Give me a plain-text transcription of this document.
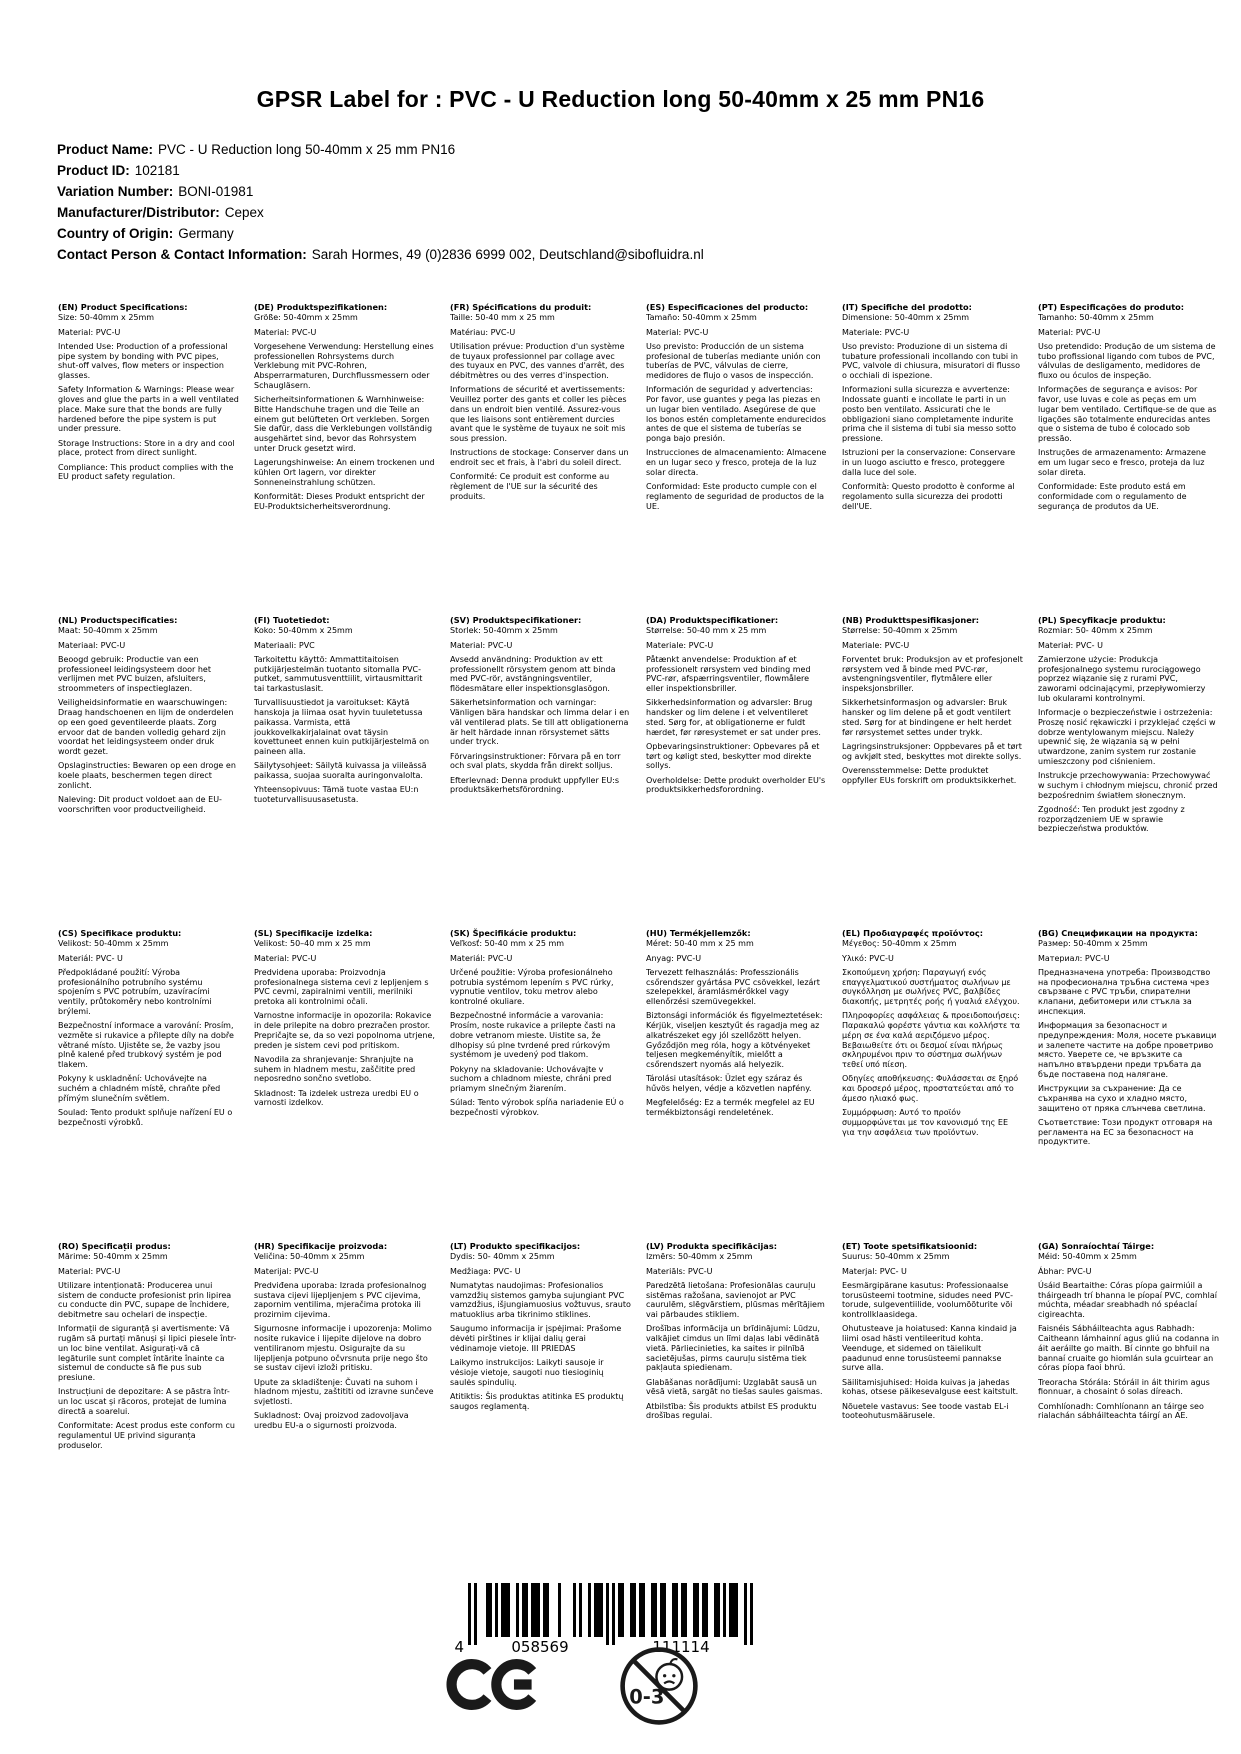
GPSR Label for : PVC - U Reduction long 50-40mm x 25 mm PN16
Product Name: PVC - U Reduction long 50-40mm x 25 mm PN16
Product ID: 102181
Variation Number: BONI-01981
Manufacturer/Distributor: Cepex
Country of Origin: Germany
Contact Person & Contact Information: Sarah Hormes, 49 (0)2836 6999 002, Deutschland@sibofluidra.nl
(EN) Product Specifications:

Size: 50-40mm x 25mm

Material: PVC-U

Intended Use: Production of a professional pipe system by bonding with PVC pipes, shut-off valves, flow meters or inspection glasses.

Safety Information & Warnings: Please wear gloves and glue the parts in a well ventilated place. Make sure that the bonds are fully hardened before the pipe system is put under pressure.

Storage Instructions: Store in a dry and cool place, protect from direct sunlight.

Compliance: This product complies with the EU product safety regulation.

(DE) Produktspezifikationen:

Größe: 50-40mm x 25mm

Material: PVC-U

Vorgesehene Verwendung: Herstellung eines professionellen Rohrsystems durch Verklebung mit PVC-Rohren, Absperrarmaturen, Durchflussmessern oder Schaugläsern.

Sicherheitsinformationen & Warnhinweise: Bitte Handschuhe tragen und die Teile an einem gut belüfteten Ort verkleben. Sorgen Sie dafür, dass die Verklebungen vollständig ausgehärtet sind, bevor das Rohrsystem unter Druck gesetzt wird.

Lagerungshinweise: An einem trockenen und kühlen Ort lagern, vor direkter Sonneneinstrahlung schützen.

Konformität: Dieses Produkt entspricht der EU-Produktsicherheitsverordnung.

(FR) Spécifications du produit:

Taille: 50-40 mm x 25 mm

Matériau: PVC-U

Utilisation prévue: Production d'un système de tuyaux professionnel par collage avec des tuyaux en PVC, des vannes d'arrêt, des débitmètres ou des verres d'inspection.

Informations de sécurité et avertissements: Veuillez porter des gants et coller les pièces dans un endroit bien ventilé. Assurez-vous que les liaisons sont entièrement durcies avant que le système de tuyaux ne soit mis sous pression.

Instructions de stockage: Conserver dans un endroit sec et frais, à l'abri du soleil direct.

Conformité: Ce produit est conforme au règlement de l'UE sur la sécurité des produits.

(ES) Especificaciones del producto:

Tamaño: 50-40mm x 25mm

Material: PVC-U

Uso previsto: Producción de un sistema profesional de tuberías mediante unión con tuberías de PVC, válvulas de cierre, medidores de flujo o vasos de inspección.

Información de seguridad y advertencias: Por favor, use guantes y pega las piezas en un lugar bien ventilado. Asegúrese de que los bonos estén completamente endurecidos antes de que el sistema de tuberías se ponga bajo presión.

Instrucciones de almacenamiento: Almacene en un lugar seco y fresco, proteja de la luz solar directa.

Conformidad: Este producto cumple con el reglamento de seguridad de productos de la UE.

(IT) Specifiche del prodotto:

Dimensione: 50-40mm x 25mm

Materiale: PVC-U

Uso previsto: Produzione di un sistema di tubature professionali incollando con tubi in PVC, valvole di chiusura, misuratori di flusso o occhiali di ispezione.

Informazioni sulla sicurezza e avvertenze: Indossate guanti e incollate le parti in un posto ben ventilato. Assicurati che le obbligazioni siano completamente indurite prima che il sistema di tubi sia messo sotto pressione.

Istruzioni per la conservazione: Conservare in un luogo asciutto e fresco, proteggere dalla luce del sole.

Conformità: Questo prodotto è conforme al regolamento sulla sicurezza dei prodotti dell'UE.

(PT) Especificações do produto:

Tamanho: 50-40mm x 25mm

Material: PVC-U

Uso pretendido: Produção de um sistema de tubo profissional ligando com tubos de PVC, válvulas de desligamento, medidores de fluxo ou óculos de inspeção.

Informações de segurança e avisos: Por favor, use luvas e cole as peças em um lugar bem ventilado. Certifique-se de que as ligações são totalmente endurecidas antes que o sistema de tubo é colocado sob pressão.

Instruções de armazenamento: Armazene em um lugar seco e fresco, proteja da luz solar direta.

Conformidade: Este produto está em conformidade com o regulamento de segurança de produtos da UE.

(NL) Productspecificaties:

Maat: 50-40mm x 25mm

Materiaal: PVC-U

Beoogd gebruik: Productie van een professioneel leidingsysteem door het verlijmen met PVC buizen, afsluiters, stroommeters of inspectieglazen.

Veiligheidsinformatie en waarschuwingen: Draag handschoenen en lijm de onderdelen op een goed geventileerde plaats. Zorg ervoor dat de banden volledig gehard zijn voordat het leidingsysteem onder druk wordt gezet.

Opslaginstructies: Bewaren op een droge en koele plaats, beschermen tegen direct zonlicht.

Naleving: Dit product voldoet aan de EU-voorschriften voor productveiligheid.

(FI) Tuotetiedot:

Koko: 50-40mm x 25mm

Materiaali: PVC

Tarkoitettu käyttö: Ammattitaitoisen putkijärjestelmän tuotanto sitomalla PVC-putket, sammutusventtiilit, virtausmittarit tai tarkastuslasit.

Turvallisuustiedot ja varoitukset: Käytä hanskoja ja liimaa osat hyvin tuuletetussa paikassa. Varmista, että joukkovelkakirjalainat ovat täysin kovettuneet ennen kuin putkijärjestelmä on paineen alla.

Säilytysohjeet: Säilytä kuivassa ja viileässä paikassa, suojaa suoralta auringonvalolta.

Yhteensopivuus: Tämä tuote vastaa EU:n tuoteturvallisuusasetusta.

(SV) Produktspecifikationer:

Storlek: 50-40mm x 25mm

Material: PVC-U

Avsedd användning: Produktion av ett professionellt rörsystem genom att binda med PVC-rör, avstängningsventiler, flödesmätare eller inspektionsglasögon.

Säkerhetsinformation och varningar: Vänligen bära handskar och limma delar i en väl ventilerad plats. Se till att obligationerna är helt härdade innan rörsystemet sätts under tryck.

Förvaringsinstruktioner: Förvara på en torr och sval plats, skydda från direkt solljus.

Efterlevnad: Denna produkt uppfyller EU:s produktsäkerhetsförordning.

(DA) Produktspecifikationer:

Størrelse: 50-40 mm x 25 mm

Materiale: PVC-U

Påtænkt anvendelse: Produktion af et professionelt rørsystem ved binding med PVC-rør, afspærringsventiler, flowmålere eller inspektionsbriller.

Sikkerhedsinformation og advarsler: Brug handsker og lim delene i et velventileret sted. Sørg for, at obligationerne er fuldt hærdet, før røresystemet er sat under pres.

Opbevaringsinstruktioner: Opbevares på et tørt og køligt sted, beskytter mod direkte sollys.

Overholdelse: Dette produkt overholder EU's produktsikkerhedsforordning.

(NB) Produkttspesifikasjoner:

Størrelse: 50-40mm x 25mm

Materiale: PVC-U

Forventet bruk: Produksjon av et profesjonelt rørsystem ved å binde med PVC-rør, avstengningsventiler, flytmålere eller inspeksjonsbriller.

Sikkerhetsinformasjon og advarsler: Bruk hansker og lim delene på et godt ventilert sted. Sørg for at bindingene er helt herdet før rørsystemet settes under trykk.

Lagringsinstruksjoner: Oppbevares på et tørt og avkjølt sted, beskyttes mot direkte sollys.

Overensstemmelse: Dette produktet oppfyller EUs forskrift om produktsikkerhet.

(PL) Specyfikacje produktu:

Rozmiar: 50- 40mm x 25mm

Materiał: PVC- U

Zamierzone użycie: Produkcja profesjonalnego systemu rurociągowego poprzez wiązanie się z rurami PVC, zaworami odcinającymi, przepływomierzy lub okularami kontrolnymi.

Informacje o bezpieczeństwie i ostrzeżenia: Proszę nosić rękawiczki i przyklejać części w dobrze wentylowanym miejscu. Należy upewnić się, że wiązania są w pełni utwardzone, zanim system rur zostanie umieszczony pod ciśnieniem.

Instrukcje przechowywania: Przechowywać w suchym i chłodnym miejscu, chronić przed bezpośrednim światłem słonecznym.

Zgodność: Ten produkt jest zgodny z rozporządzeniem UE w sprawie bezpieczeństwa produktów.

(CS) Specifikace produktu:

Velikost: 50-40mm x 25mm

Materiál: PVC- U

Předpokládané použití: Výroba profesionálního potrubního systému spojením s PVC potrubím, uzavíracími ventily, průtokoměry nebo kontrolními brýlemi.

Bezpečnostní informace a varování: Prosím, vezměte si rukavice a přilepte díly na dobře větrané místo. Ujistěte se, že vazby jsou plně kalené před trubkový systém je pod tlakem.

Pokyny k uskladnění: Uchovávejte na suchém a chladném místě, chraňte před přímým slunečním světlem.

Soulad: Tento produkt splňuje nařízení EU o bezpečnosti výrobků.

(SL) Specifikacije izdelka:

Velikost: 50–40 mm x 25 mm

Material: PVC-U

Predvidena uporaba: Proizvodnja profesionalnega sistema cevi z lepljenjem s PVC cevmi, zapiralnimi ventili, merilniki pretoka ali kontrolnimi očali.

Varnostne informacije in opozorila: Rokavice in dele prilepite na dobro prezračen prostor. Prepričajte se, da so vezi popolnoma utrjene, preden je sistem cevi pod pritiskom.

Navodila za shranjevanje: Shranjujte na suhem in hladnem mestu, zaščitite pred neposredno sončno svetlobo.

Skladnost: Ta izdelek ustreza uredbi EU o varnosti izdelkov.

(SK) Špecifikácie produktu:

Veľkosť: 50-40 mm x 25 mm

Materiál: PVC-U

Určené použitie: Výroba profesionálneho potrubia systémom lepením s PVC rúrky, vypnutie ventilov, toku metrov alebo kontrolné okuliare.

Bezpečnostné informácie a varovania: Prosím, noste rukavice a prilepte časti na dobre vetranom mieste. Uistite sa, že dlhopisy sú plne tvrdené pred rúrkovým systémom je uvedený pod tlakom.

Pokyny na skladovanie: Uchovávajte v suchom a chladnom mieste, chráni pred priamym slnečným žiarením.

Súlad: Tento výrobok spĺňa nariadenie EÚ o bezpečnosti výrobkov.

(HU) Termékjellemzők:

Méret: 50-40 mm x 25 mm

Anyag: PVC-U

Tervezett felhasználás: Professzionális csőrendszer gyártása PVC csövekkel, lezárt szelepekkel, áramlásmérőkkel vagy ellenőrzési szemüvegekkel.

Biztonsági információk és figyelmeztetések: Kérjük, viseljen kesztyűt és ragadja meg az alkatrészeket egy jól szellőzött helyen. Győződjön meg róla, hogy a kötvényeket teljesen megkeményítik, mielőtt a csőrendszert nyomás alá helyezik.

Tárolási utasítások: Üzlet egy száraz és hűvös helyen, védje a közvetlen napfény.

Megfelelőség: Ez a termék megfelel az EU termékbiztonsági rendeletének.

(EL) Προδιαγραφές προϊόντος:

Μέγεθος: 50-40mm x 25mm

Υλικό: PVC-U

Σκοπούμενη χρήση: Παραγωγή ενός επαγγελματικού συστήματος σωλήνων με συγκόλληση με σωλήνες PVC, βαλβίδες διακοπής, μετρητές ροής ή γυαλιά ελέγχου.

Πληροφορίες ασφάλειας & προειδοποιήσεις: Παρακαλώ φορέστε γάντια και κολλήστε τα μέρη σε ένα καλά αεριζόμενο μέρος. Βεβαιωθείτε ότι οι δεσμοί είναι πλήρως σκληρυμένοι πριν το σύστημα σωλήνων τεθεί υπό πίεση.

Οδηγίες αποθήκευσης: Φυλάσσεται σε ξηρό και δροσερό μέρος, προστατεύεται από το άμεσο ηλιακό φως.

Συμμόρφωση: Αυτό το προϊόν συμμορφώνεται με τον κανονισμό της ΕΕ για την ασφάλεια των προϊόντων.

(BG) Спецификации на продукта:

Размер: 50-40mm x 25mm

Материал: PVC-U

Предназначена употреба: Производство на професионална тръбна система чрез свързване с PVC тръби, спирателни клапани, дебитомери или стъкла за инспекция.

Информация за безопасност и предупреждения: Моля, носете ръкавици и залепете частите на добре проветриво място. Уверете се, че връзките са напълно втвърдени преди тръбата да бъде поставена под налягане.

Инструкции за съхранение: Да се съхранява на сухо и хладно място, защитено от пряка слънчева светлина.

Съответствие: Този продукт отговаря на регламента на ЕС за безопасност на продуктите.

(RO) Specificații produs:

Mărime: 50-40mm x 25mm

Material: PVC-U

Utilizare intenționată: Producerea unui sistem de conducte profesionist prin lipirea cu conducte din PVC, supape de închidere, debitmetre sau ochelari de inspecție.

Informații de siguranță și avertismente: Vă rugăm să purtați mănuși și lipici piesele într-un loc bine ventilat. Asigurați-vă că legăturile sunt complet întărite înainte ca sistemul de conducte să fie pus sub presiune.

Instrucțiuni de depozitare: A se păstra într- un loc uscat și răcoros, protejat de lumina directă a soarelui.

Conformitate: Acest produs este conform cu regulamentul UE privind siguranța produselor.

(HR) Specifikacije proizvoda:

Veličina: 50-40mm x 25mm

Materijal: PVC-U

Predviđena uporaba: Izrada profesionalnog sustava cijevi lijepljenjem s PVC cijevima, zapornim ventilima, mjeračima protoka ili prozirnim cijevima.

Sigurnosne informacije i upozorenja: Molimo nosite rukavice i lijepite dijelove na dobro ventiliranom mjestu. Osigurajte da su lijepljenja potpuno očvrsnuta prije nego što se sustav cijevi izloži pritisku.

Upute za skladištenje: Čuvati na suhom i hladnom mjestu, zaštititi od izravne sunčeve svjetlosti.

Sukladnost: Ovaj proizvod zadovoljava uredbu EU-a o sigurnosti proizvoda.

(LT) Produkto specifikacijos:

Dydis: 50- 40mm x 25mm

Medžiaga: PVC- U

Numatytas naudojimas: Profesionalios vamzdžių sistemos gamyba sujungiant PVC vamzdžius, išjungiamuosius vožtuvus, srauto matuoklius arba tikrinimo stiklines.

Saugumo informacija ir įspėjimai: Prašome dėvėti pirštines ir klijai dalių gerai vėdinamoje vietoje. III PRIEDAS

Laikymo instrukcijos: Laikyti sausoje ir vėsioje vietoje, saugoti nuo tiesioginių saulės spindulių.

Atitiktis: Šis produktas atitinka ES produktų saugos reglamentą.

(LV) Produkta specifikācijas:

Izmērs: 50-40mm x 25mm

Materiāls: PVC-U

Paredzētā lietošana: Profesionālas cauruļu sistēmas ražošana, savienojot ar PVC caurulēm, slēgvārstiem, plūsmas mērītājiem vai pārbaudes stikliem.

Drošības informācija un brīdinājumi: Lūdzu, valkājiet cimdus un līmi daļas labi vēdinātā vietā. Pārliecinieties, ka saites ir pilnībā sacietējušas, pirms cauruļu sistēma tiek pakļauta spiedienam.

Glabāšanas norādījumi: Uzglabāt sausā un vēsā vietā, sargāt no tiešas saules gaismas.

Atbilstība: Šis produkts atbilst ES produktu drošības regulai.

(ET) Toote spetsifikatsioonid:

Suurus: 50-40mm x 25mm

Materjal: PVC- U

Eesmärgipärane kasutus: Professionaalse torusüsteemi tootmine, sidudes need PVC-torude, sulgeventiilide, voolumõõturite või kontrollklaasidega.

Ohutusteave ja hoiatused: Kanna kindaid ja liimi osad hästi ventileeritud kohta. Veenduge, et sidemed on täielikult paadunud enne torusüsteemi pannakse surve alla.

Säilitamisjuhised: Hoida kuivas ja jahedas kohas, otsese päikesevalguse eest kaitstult.

Nõuetele vastavus: See toode vastab EL-i tooteohutusmäärusele.

(GA) Sonraíochtaí Táirge:

Méid: 50-40mm x 25mm

Ábhar: PVC-U

Úsáid Beartaithe: Córas píopa gairmiúil a tháirgeadh trí bhanna le píopaí PVC, comhlaí múchta, méadar sreabhadh nó spéaclaí cigireachta.

Faisnéis Sábháilteachta agus Rabhadh: Caitheann lámhainní agus gliú na codanna in áit aeráilte go maith. Bí cinnte go bhfuil na bannaí cruaite go hiomlán sula gcuirtear an córas píopa faoi bhrú.

Treoracha Stórála: Stóráil in áit thirim agus fionnuar, a chosaint ó solas díreach.

Comhlíonadh: Comhlíonann an táirge seo rialachán sábháilteachta táirgí an AE.

4	058569	111114
0-3
